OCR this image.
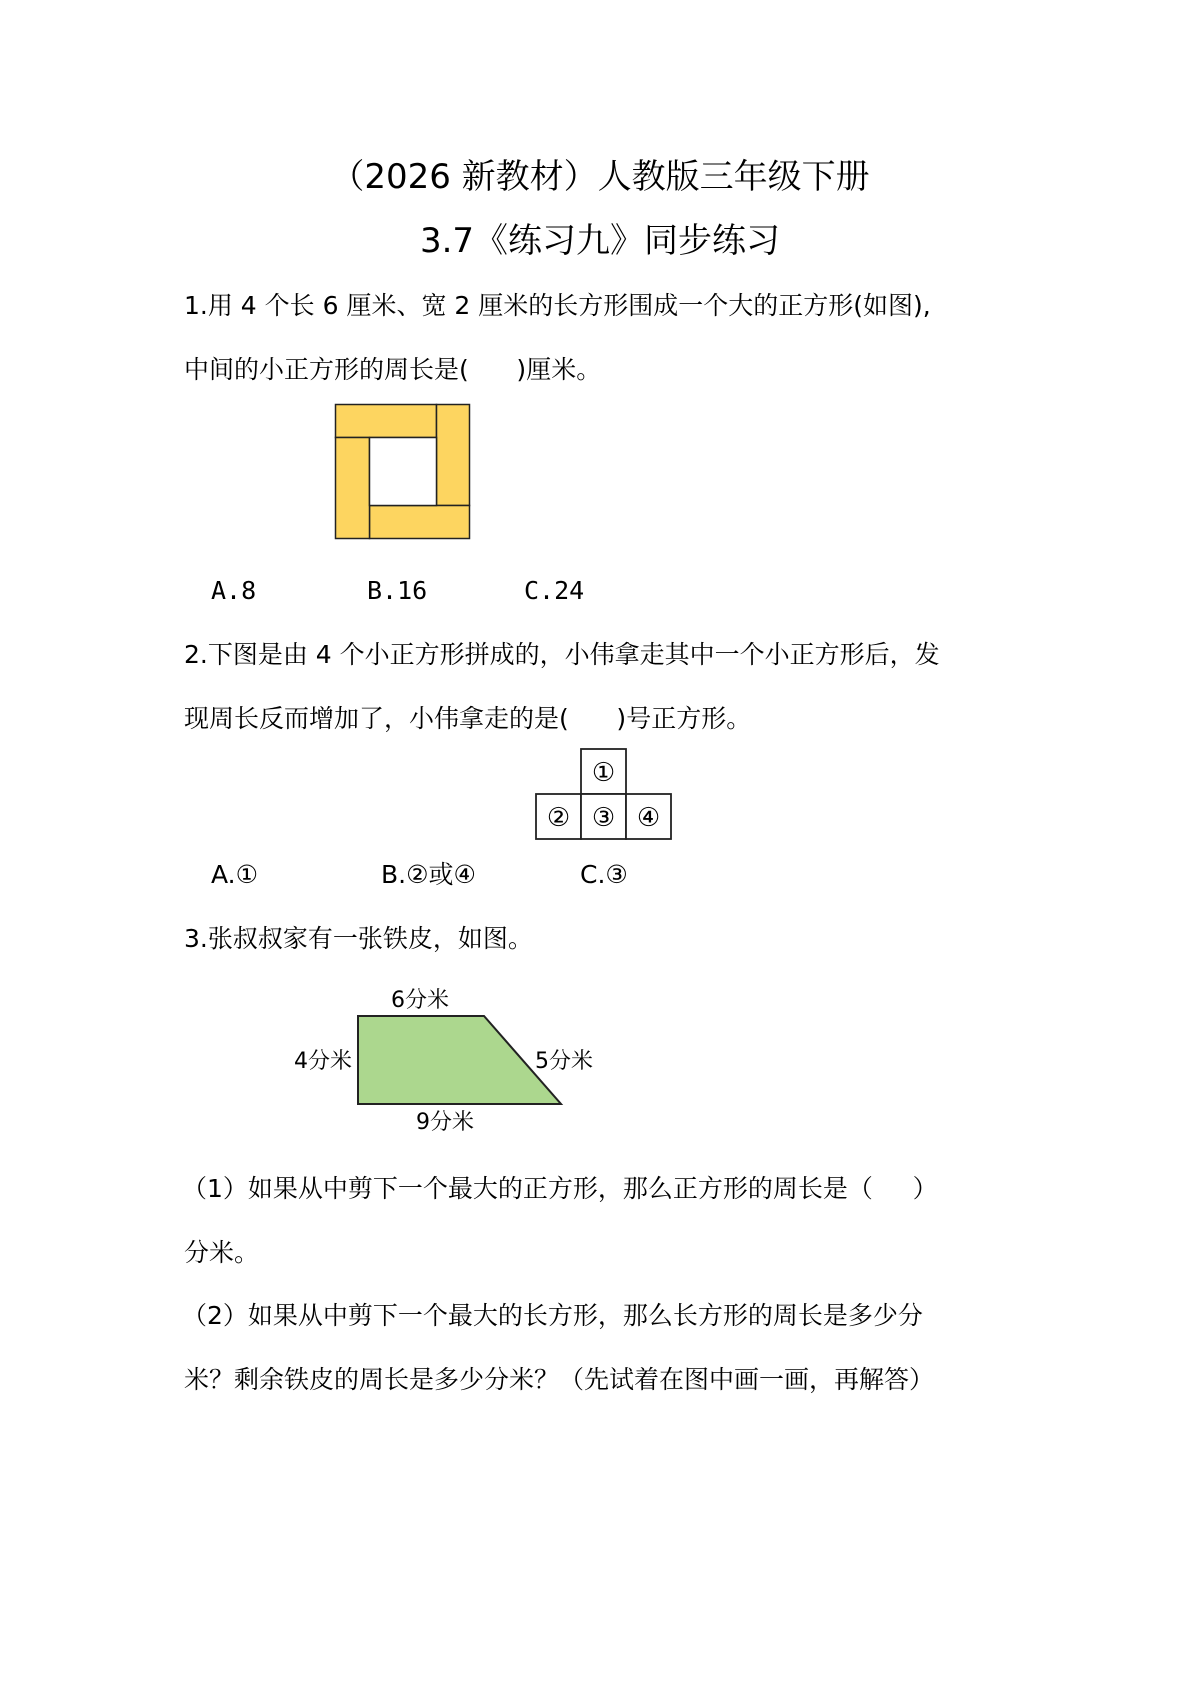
（2026 新教材）人教版三年级下册
3.7《练习九》同步练习
1.用 4 个长 6 厘米、宽 2 厘米的长方形围成一个大的正方形(如图),
中间的小正方形的周长是(      )厘米。
A.8	B.16	C.24
2.下图是由 4 个小正方形拼成的，小伟拿走其中一个小正方形后，发
现周长反而增加了，小伟拿走的是(      )号正方形。
①
② ③ ④
A.①	B.②或④	C.③
3.张叔叔家有一张铁皮，如图。
6分米
4分米	5分米
9分米
（1）如果从中剪下一个最大的正方形，那么正方形的周长是（     ）
分米。
（2）如果从中剪下一个最大的长方形，那么长方形的周长是多少分
米？剩余铁皮的周长是多少分米？（先试着在图中画一画，再解答）
